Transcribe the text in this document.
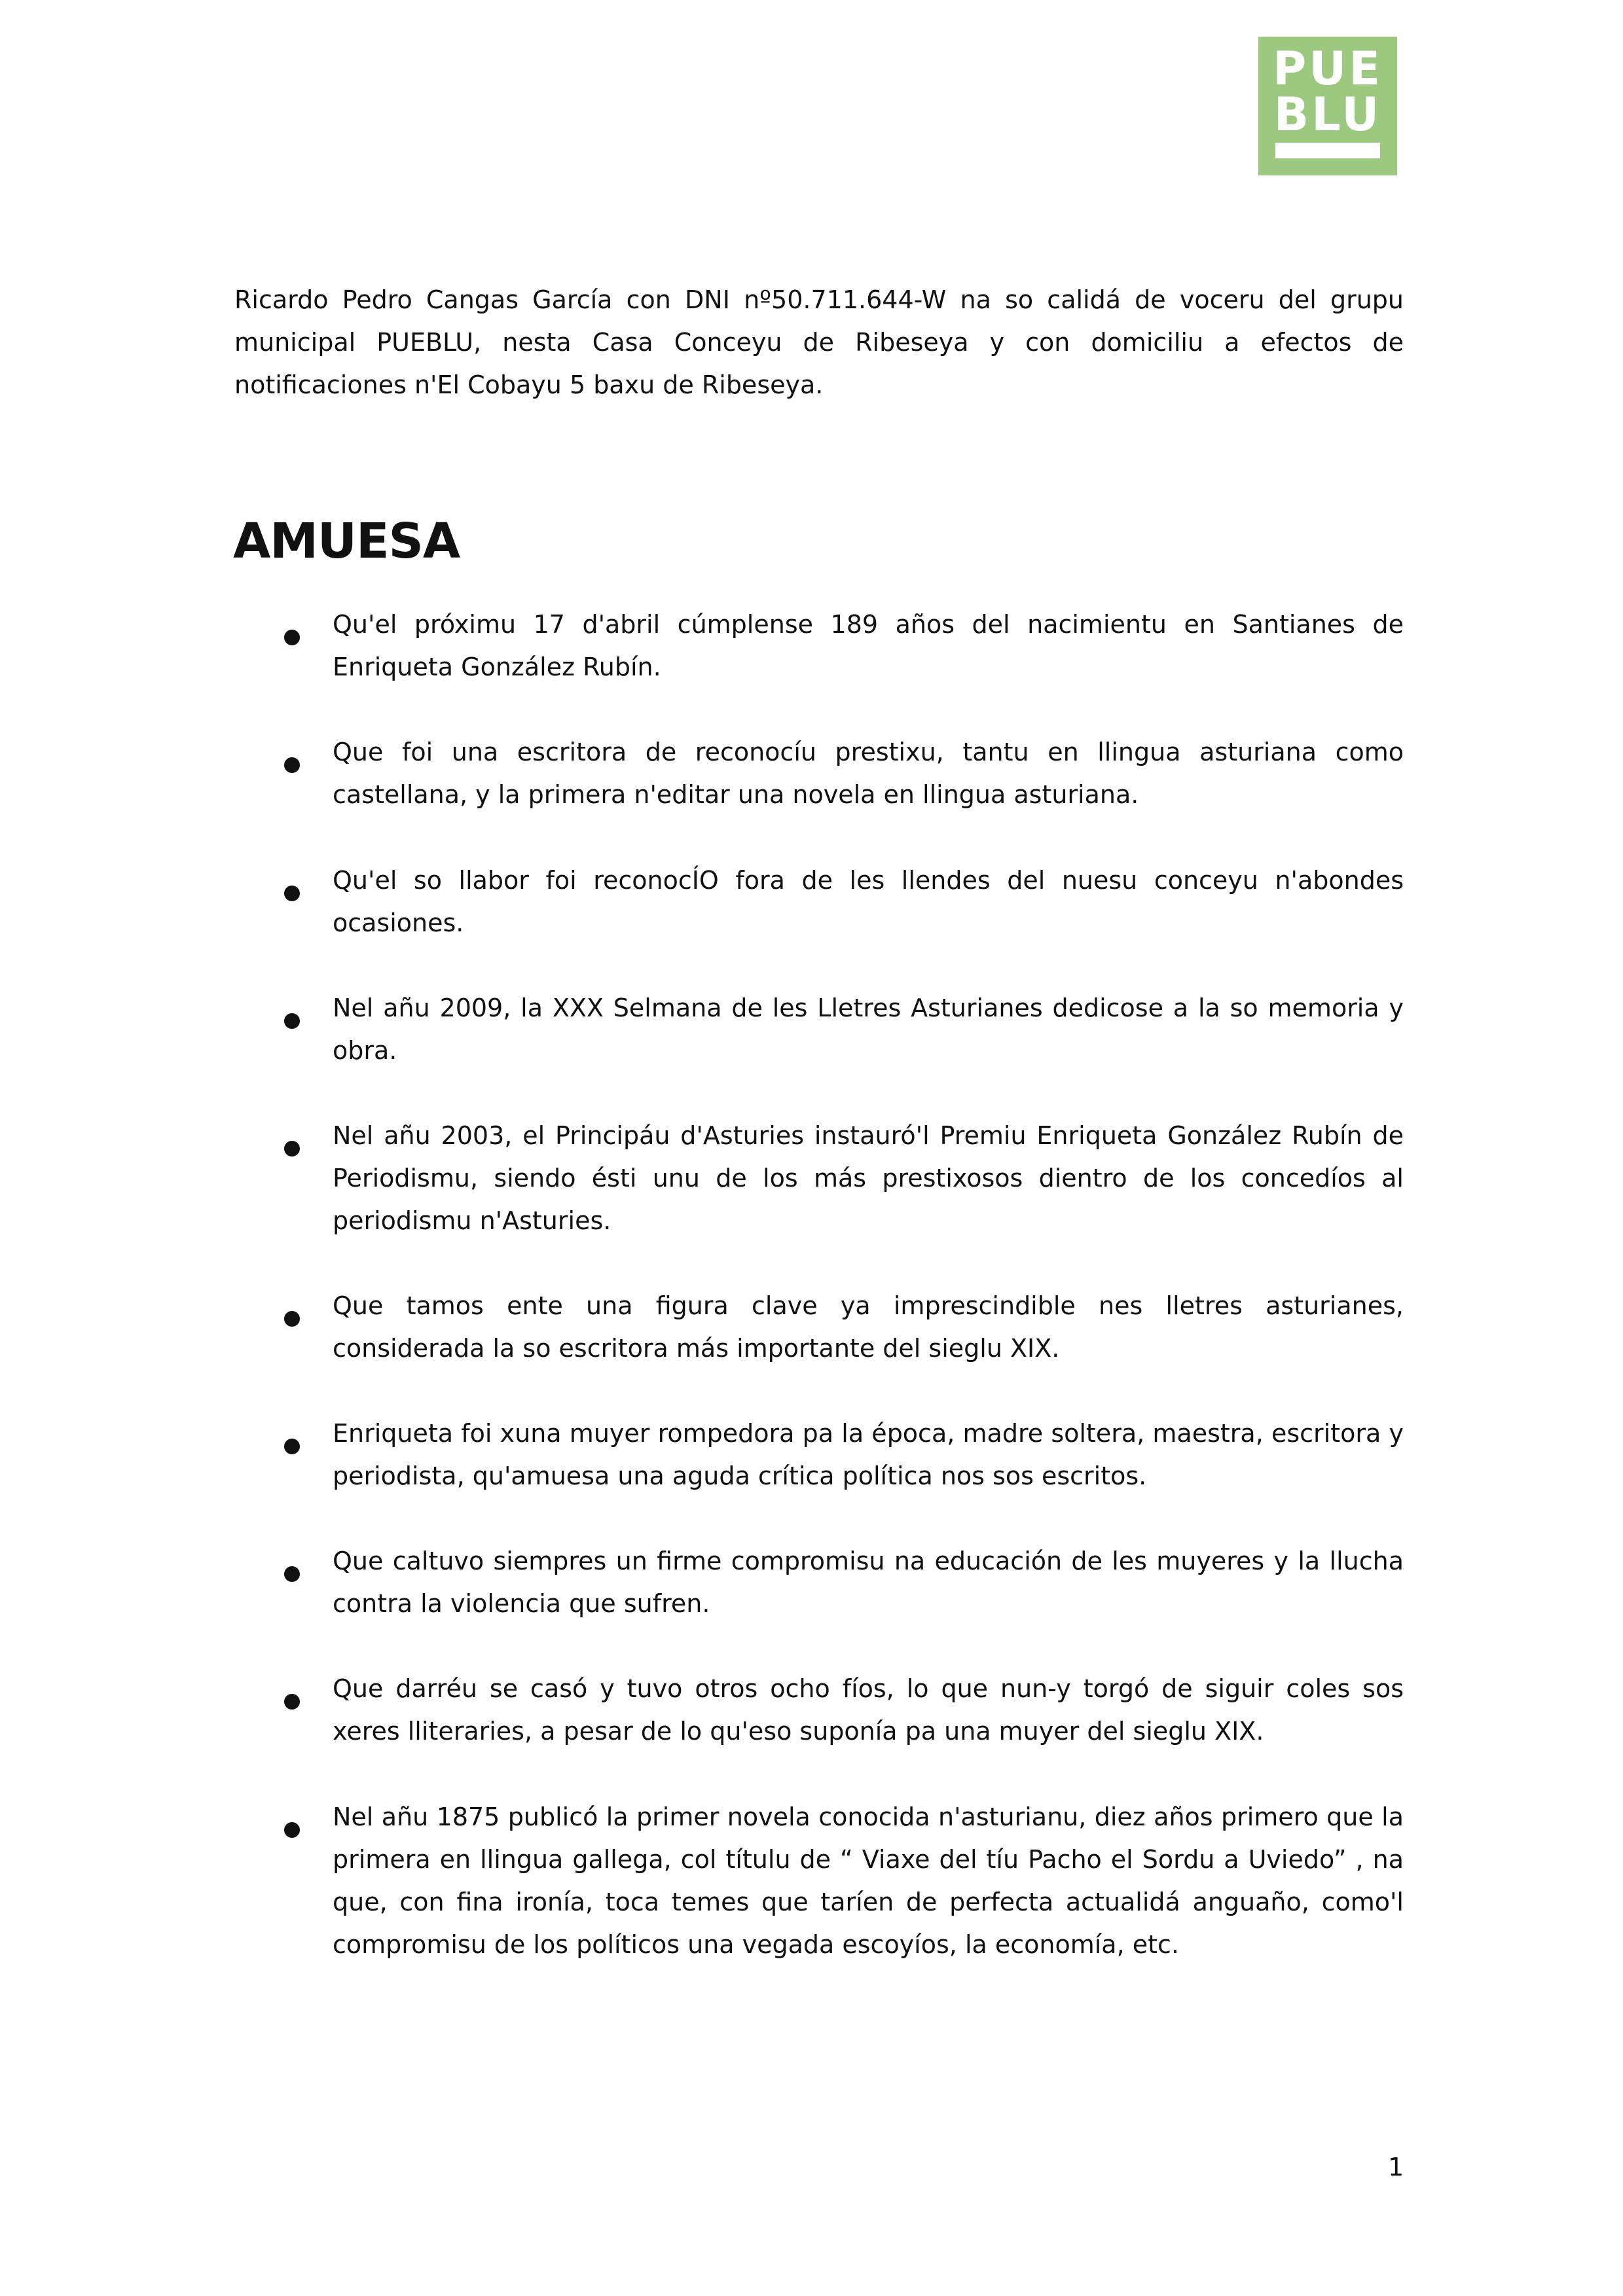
PUE
BLU

Ricardo Pedro Cangas García con DNI nº50.711.644-W na so calidá de voceru del grupu municipal PUEBLU, nesta Casa Conceyu de Ribeseya y con domiciliu a efectos de notificaciones n'El Cobayu 5 baxu de Ribeseya.

AMUESA
Qu'el próximu 17 d'abril cúmplense 189 años del nacimientu en Santianes de Enriqueta González Rubín.
Que foi una escritora de reconocíu prestixu, tantu en llingua asturiana como castellana, y la primera n'editar una novela en llingua asturiana.
Qu'el so llabor foi reconocÍO fora de les llendes del nuesu conceyu n'abondes ocasiones.
Nel añu 2009, la XXX Selmana de les Lletres Asturianes dedicose a la so memoria y obra.
Nel añu 2003, el Principáu d'Asturies instauró'l Premiu Enriqueta González Rubín de Periodismu, siendo ésti unu de los más prestixosos dientro de los concedíos al periodismu n'Asturies.
Que tamos ente una figura clave ya imprescindible nes lletres asturianes, considerada la so escritora más importante del sieglu XIX.
Enriqueta foi xuna muyer rompedora pa la época, madre soltera, maestra, escritora y periodista, qu'amuesa una aguda crítica política nos sos escritos.
Que caltuvo siempres un firme compromisu na educación de les muyeres y la llucha contra la violencia que sufren.
Que darréu se casó y tuvo otros ocho fíos, lo que nun-y torgó de siguir coles sos xeres lliteraries, a pesar de lo qu'eso suponía pa una muyer del sieglu XIX.
Nel añu 1875 publicó la primer novela conocida n'asturianu, diez años primero que la primera en llingua gallega, col títulu de “ Viaxe del tíu Pacho el Sordu a Uviedo” , na que, con fina ironía, toca temes que taríen de perfecta actualidá anguaño, como'l compromisu de los políticos una vegada escoyíos, la economía, etc.
1
